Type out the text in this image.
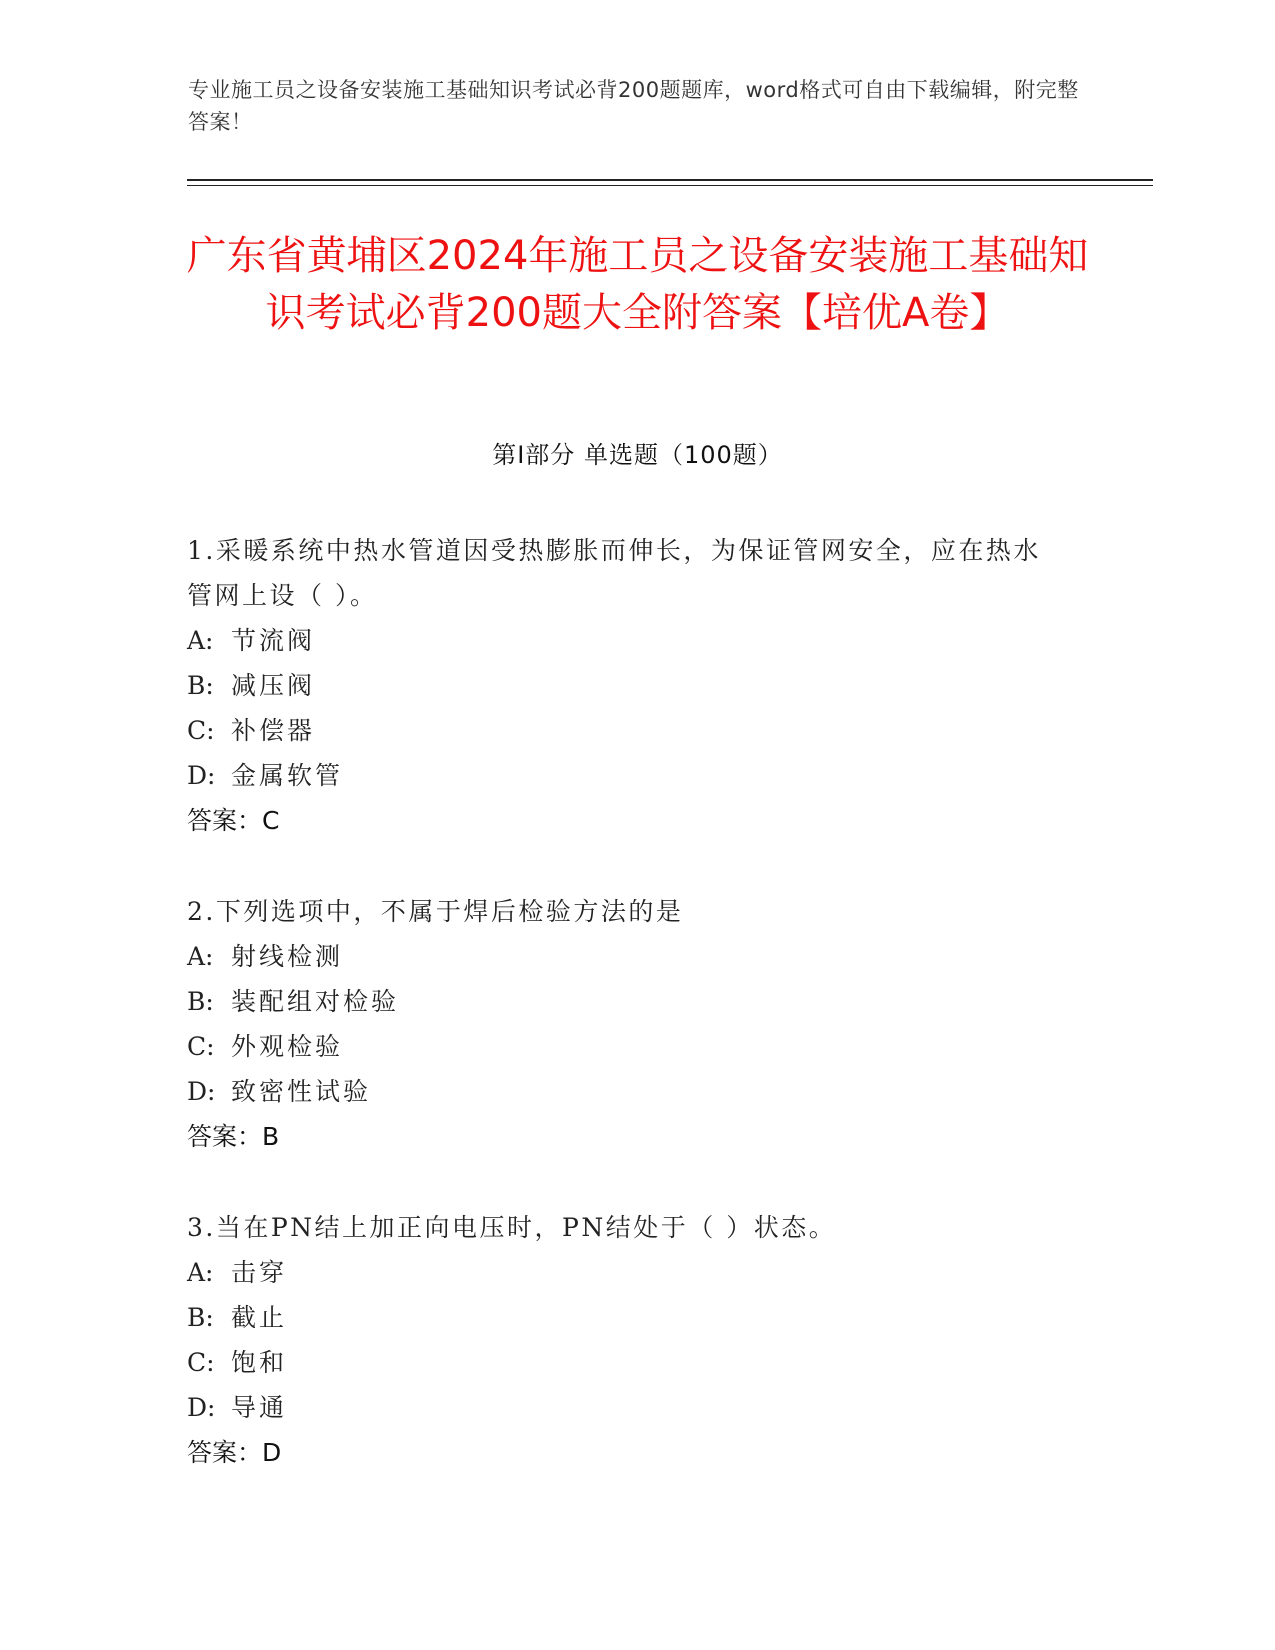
专业施工员之设备安装施工基础知识考试必背200题题库，word格式可自由下载编辑，附完整答案！
广东省黄埔区2024年施工员之设备安装施工基础知识考试必背200题大全附答案【培优A卷】
第Ⅰ部分 单选题（100题）
1.采暖系统中热水管道因受热膨胀而伸长，为保证管网安全，应在热水管网上设（ ）。
A: 节流阀
B: 减压阀
C: 补偿器
D: 金属软管
答案：C
2.下列选项中，不属于焊后检验方法的是
A: 射线检测
B: 装配组对检验
C: 外观检验
D: 致密性试验
答案：B
3.当在PN结上加正向电压时，PN结处于（ ）状态。
A: 击穿
B: 截止
C: 饱和
D: 导通
答案：D
